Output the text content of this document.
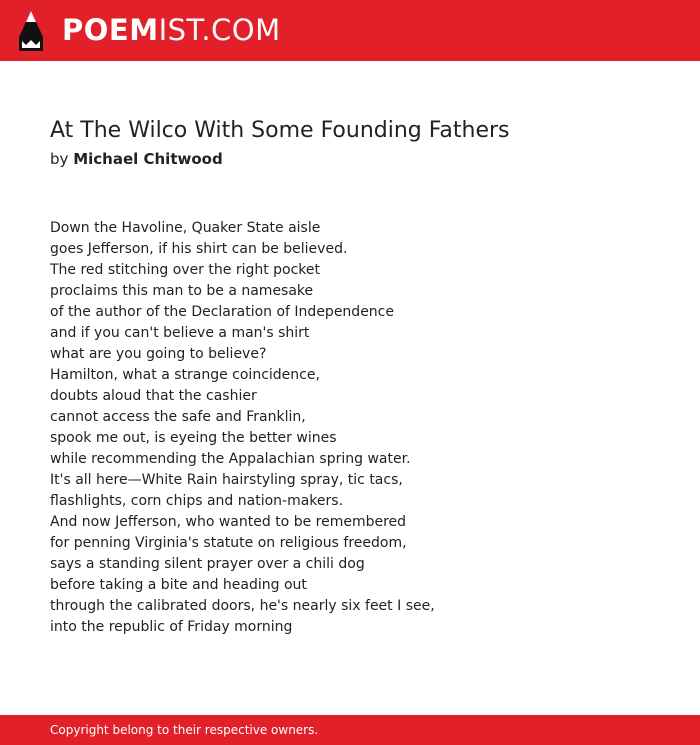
POEMIST.COM
At The Wilco With Some Founding Fathers
by Michael Chitwood
Down the Havoline, Quaker State aisle
goes Jefferson, if his shirt can be believed.
The red stitching over the right pocket
proclaims this man to be a namesake
of the author of the Declaration of Independence
and if you can't believe a man's shirt
what are you going to believe?
Hamilton, what a strange coincidence,
doubts aloud that the cashier
cannot access the safe and Franklin,
spook me out, is eyeing the better wines
while recommending the Appalachian spring water.
It's all here—White Rain hairstyling spray, tic tacs,
flashlights, corn chips and nation-makers.
And now Jefferson, who wanted to be remembered
for penning Virginia's statute on religious freedom,
says a standing silent prayer over a chili dog
before taking a bite and heading out
through the calibrated doors, he's nearly six feet I see,
into the republic of Friday morning
Copyright belong to their respective owners.
